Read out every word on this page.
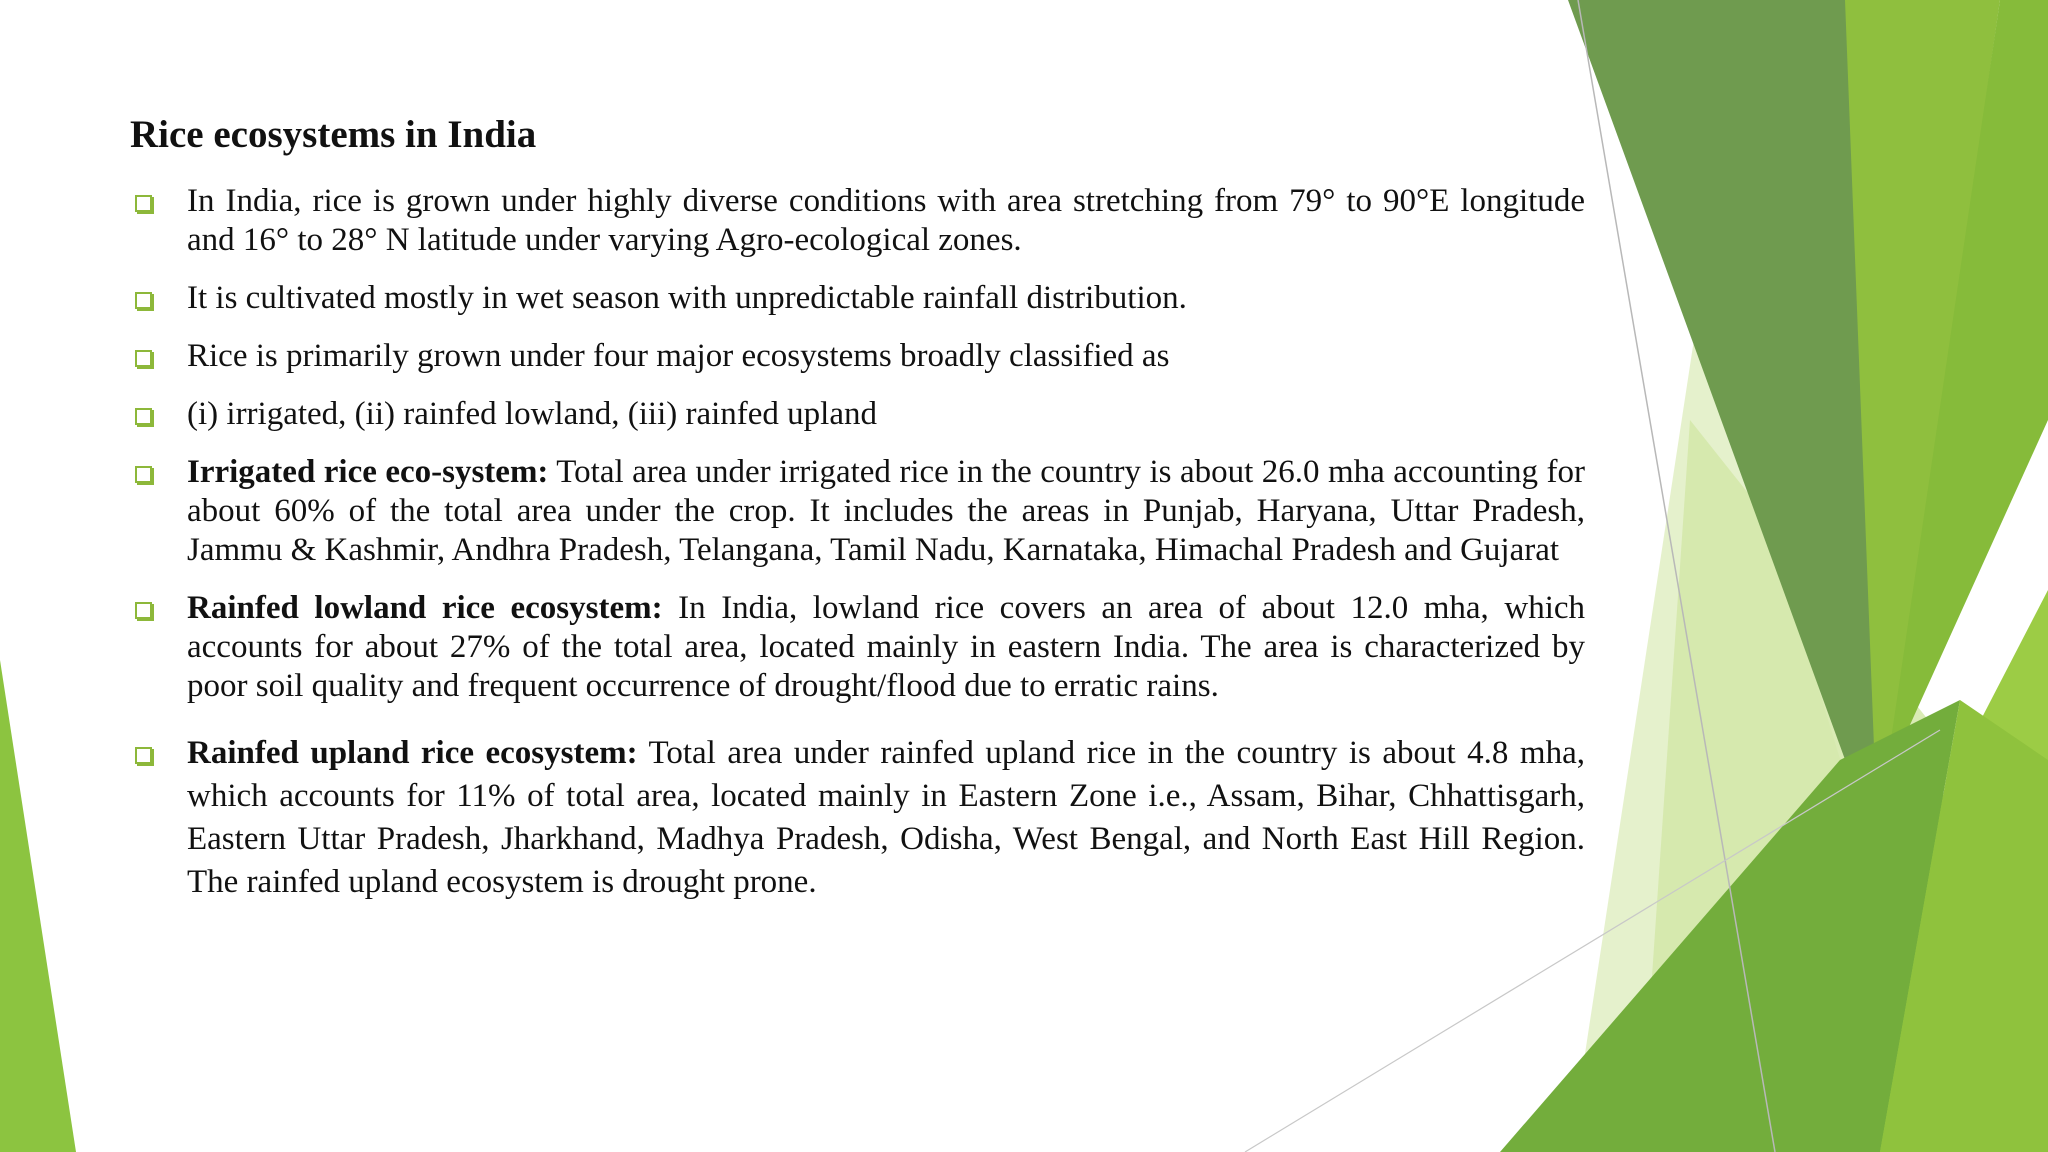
Rice ecosystems in India
In India, rice is grown under highly diverse conditions with area stretching from 79° to 90°E longitude and 16° to 28° N latitude under varying Agro-ecological zones.
It is cultivated mostly in wet season with unpredictable rainfall distribution.
Rice is primarily grown under four major ecosystems broadly classified as
(i) irrigated, (ii) rainfed lowland, (iii) rainfed upland
Irrigated rice eco-system: Total area under irrigated rice in the country is about 26.0 mha accounting for about 60% of the total area under the crop. It includes the areas in Punjab, Haryana, Uttar Pradesh, Jammu & Kashmir, Andhra Pradesh, Telangana, Tamil Nadu, Karnataka, Himachal Pradesh and Gujarat
Rainfed lowland rice ecosystem: In India, lowland rice covers an area of about 12.0 mha, which accounts for about 27% of the total area, located mainly in eastern India. The area is characterized by poor soil quality and frequent occurrence of drought/flood due to erratic rains.
Rainfed upland rice ecosystem: Total area under rainfed upland rice in the country is about 4.8 mha, which accounts for 11% of total area, located mainly in Eastern Zone i.e., Assam, Bihar, Chhattisgarh, Eastern Uttar Pradesh, Jharkhand, Madhya Pradesh, Odisha, West Bengal, and North East Hill Region. The rainfed upland ecosystem is drought prone.
